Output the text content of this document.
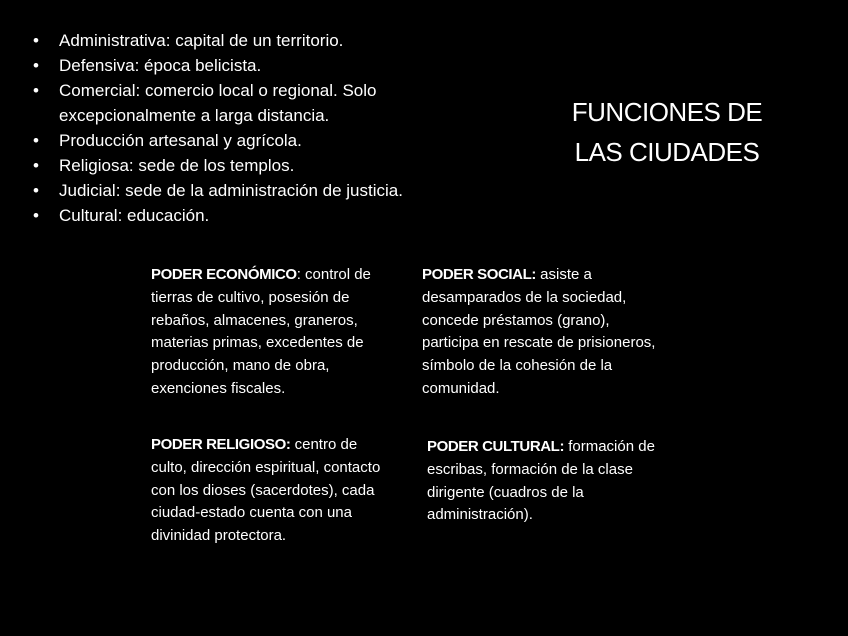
• Administrativa: capital de un territorio.
• Defensiva: época belicista.
• Comercial: comercio local o regional. Solo excepcionalmente a larga distancia.
• Producción artesanal y agrícola.
• Religiosa: sede de los templos.
• Judicial: sede de la administración de justicia.
• Cultural: educación.
FUNCIONES DE
LAS CIUDADES
PODER ECONÓMICO: control de tierras de cultivo, posesión de rebaños, almacenes, graneros, materias primas, excedentes de producción, mano de obra, exenciones fiscales.
PODER SOCIAL: asiste a desamparados de la sociedad, concede préstamos (grano), participa en rescate de prisioneros, símbolo de la cohesión de la comunidad.
PODER RELIGIOSO: centro de culto, dirección espiritual, contacto con los dioses (sacerdotes), cada ciudad-estado cuenta con una divinidad protectora.
PODER CULTURAL: formación de escribas, formación de la clase dirigente (cuadros de la administración).
